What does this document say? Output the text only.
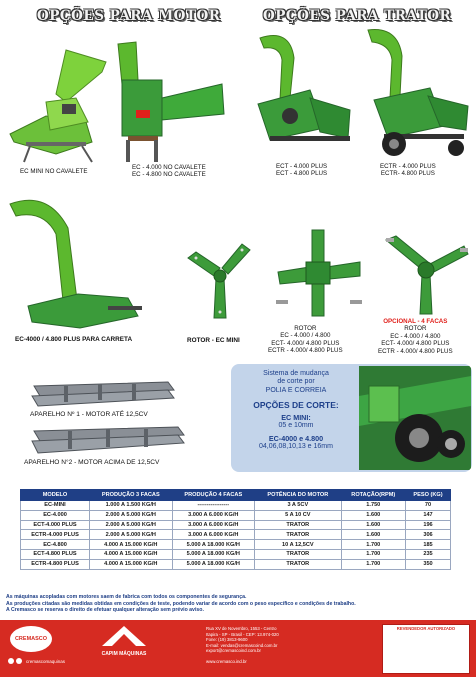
OPÇÕES PARA MOTOR	OPÇÕES PARA TRATOR
EC MINI NO CAVALETE
EC - 4.000 NO CAVALETE
EC - 4.800 NO CAVALETE
ECT - 4.000 PLUS
ECT - 4.800 PLUS
ECTR - 4.000 PLUS
ECTR- 4.800 PLUS
EC-4000 / 4.800 PLUS PARA CARRETA	ROTOR - EC MINI
ROTOR
EC - 4.000 / 4.800
ECT- 4.000/ 4.800 PLUS
ECTR - 4.000/ 4.800 PLUS
OPCIONAL - 4 FACAS
ROTOR
EC - 4.000 / 4.800
ECT- 4.000/ 4.800 PLUS
ECTR - 4.000/ 4.800 PLUS
APARELHO Nº 1 - MOTOR ATÉ 12,5CV
APARELHO N°2 - MOTOR ACIMA DE 12,5CV
Sistema de mudança
de corte por
POLIA E CORREIA
OPÇÕES DE CORTE:
EC MINI:
05 e 10mm
EC-4000 e 4.800
04,06,08,10,13 e 16mm
MODELO	PRODUÇÃO 3 FACAS	PRODUÇÃO 4 FACAS	POTÊNCIA DO MOTOR	ROTAÇÃO(RPM)	PESO (KG)
EC-MINI	1.000 A 1.500 KG/H	-----------------	3 A 5CV	1.750	70
EC-4.000	2.000 A 5.000 KG/H	3.000 A 6.000 KG/H	5 A 10 CV	1.600	147
ECT-4.000 PLUS	2.000 A 5.000 KG/H	3.000 A 6.000 KG/H	TRATOR	1.600	196
ECTR-4.000 PLUS	2.000 A 5.000 KG/H	3.000 A 6.000 KG/H	TRATOR	1.600	306
EC-4.800	4.000 A 15.000 KG/H	5.000 A 18.000 KG/H	10 A 12,5CV	1.700	185
ECT-4.800 PLUS	4.000 A 15.000 KG/H	5.000 A 18.000 KG/H	TRATOR	1.700	235
ECTR-4.800 PLUS	4.000 A 15.000 KG/H	5.000 A 18.000 KG/H	TRATOR	1.700	350
As máquinas acopladas com motores saem de fabrica com todos os componentes de segurança.
As produções citadas são medidas obtidas em condições de teste, podendo variar de acordo com o peso específico e condições de trabalho.
A Cremasco se reserva o direito de efetuar qualquer alteração sem prévio aviso.
CREMASCO
cremascomaquinas
CAPIM MÁQUINAS
Rua XV de Novembro, 1553 - Centro
Itapira - SP - Brasil - CEP: 13.974-020
Fone: (19) 3813-9600
E-mail: vendas@cremascoind.com.br
export@cremascoind.com.br
www.cremasco.ind.br
REVENDEDOR AUTORIZADO
